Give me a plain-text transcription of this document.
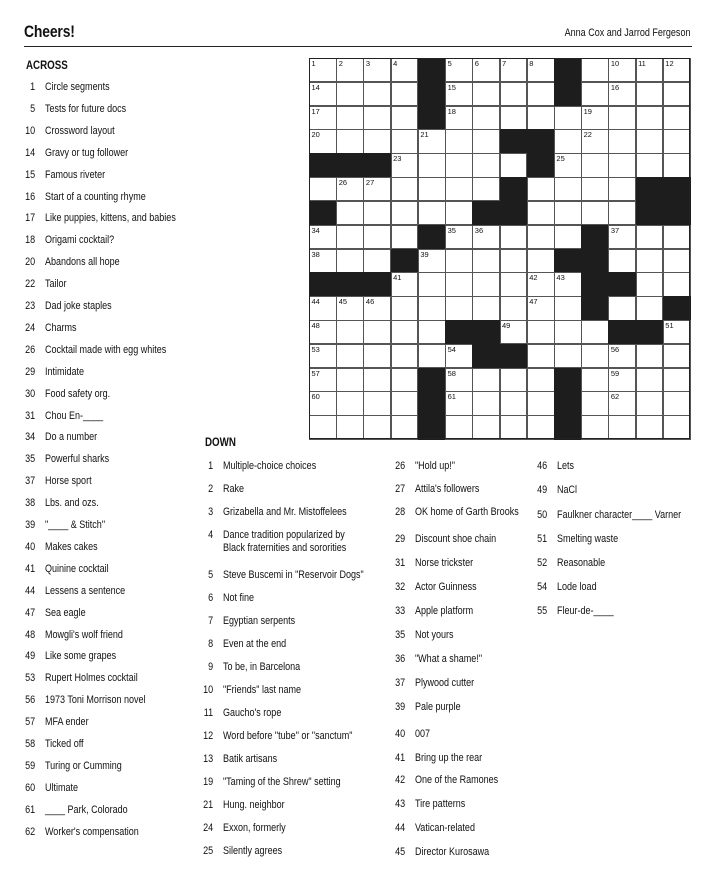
Cheers!	Anna Cox and Jarrod Fergeson
ACROSS
1 Circle segments
5 Tests for future docs
10 Crossword layout
14 Gravy or tug follower
15 Famous riveter
16 Start of a counting rhyme
17 Like puppies, kittens, and babies
18 Origami cocktail?
20 Abandons all hope
22 Tailor
23 Dad joke staples
24 Charms
26 Cocktail made with egg whites
29 Intimidate
30 Food safety org.
31 Chou En-____
34 Do a number
35 Powerful sharks
37 Horse sport
38 Lbs. and ozs.
39 "____ & Stitch"
40 Makes cakes
41 Quinine cocktail
44 Lessens a sentence
47 Sea eagle
48 Mowgli's wolf friend
49 Like some grapes
53 Rupert Holmes cocktail
56 1973 Toni Morrison novel
57 MFA ender
58 Ticked off
59 Turing or Cumming
60 Ultimate
61 ____ Park, Colorado
62 Worker's compensation
DOWN
1 Multiple-choice choices
2 Rake
3 Grizabella and Mr. Mistoffelees
4 Dance tradition popularized by Black fraternities and sororities
5 Steve Buscemi in "Reservoir Dogs"
6 Not fine
7 Egyptian serpents
8 Even at the end
9 To be, in Barcelona
10 "Friends" last name
11 Gaucho's rope
12 Word before "tube" or "sanctum"
13 Batik artisans
19 "Taming of the Shrew" setting
21 Hung. neighbor
24 Exxon, formerly
25 Silently agrees
26 "Hold up!"
27 Attila's followers
28 OK home of Garth Brooks
29 Discount shoe chain
31 Norse trickster
32 Actor Guinness
33 Apple platform
35 Not yours
36 "What a shame!"
37 Plywood cutter
39 Pale purple
40 007
41 Bring up the rear
42 One of the Ramones
43 Tire patterns
44 Vatican-related
45 Director Kurosawa
46 Lets
49 NaCl
50 Faulkner character____ Varner
51 Smelting waste
52 Reasonable
54 Lode load
55 Fleur-de-____
1	2	3	4	5	6	7	8	10	11	12
14	15	16
17	18	19
20	21	22
23	25
26	27
34	35	36	37
38	39
41	42	43
44	45	46	47
48	49	51
53	54	56
57	58	59
60	61	62
